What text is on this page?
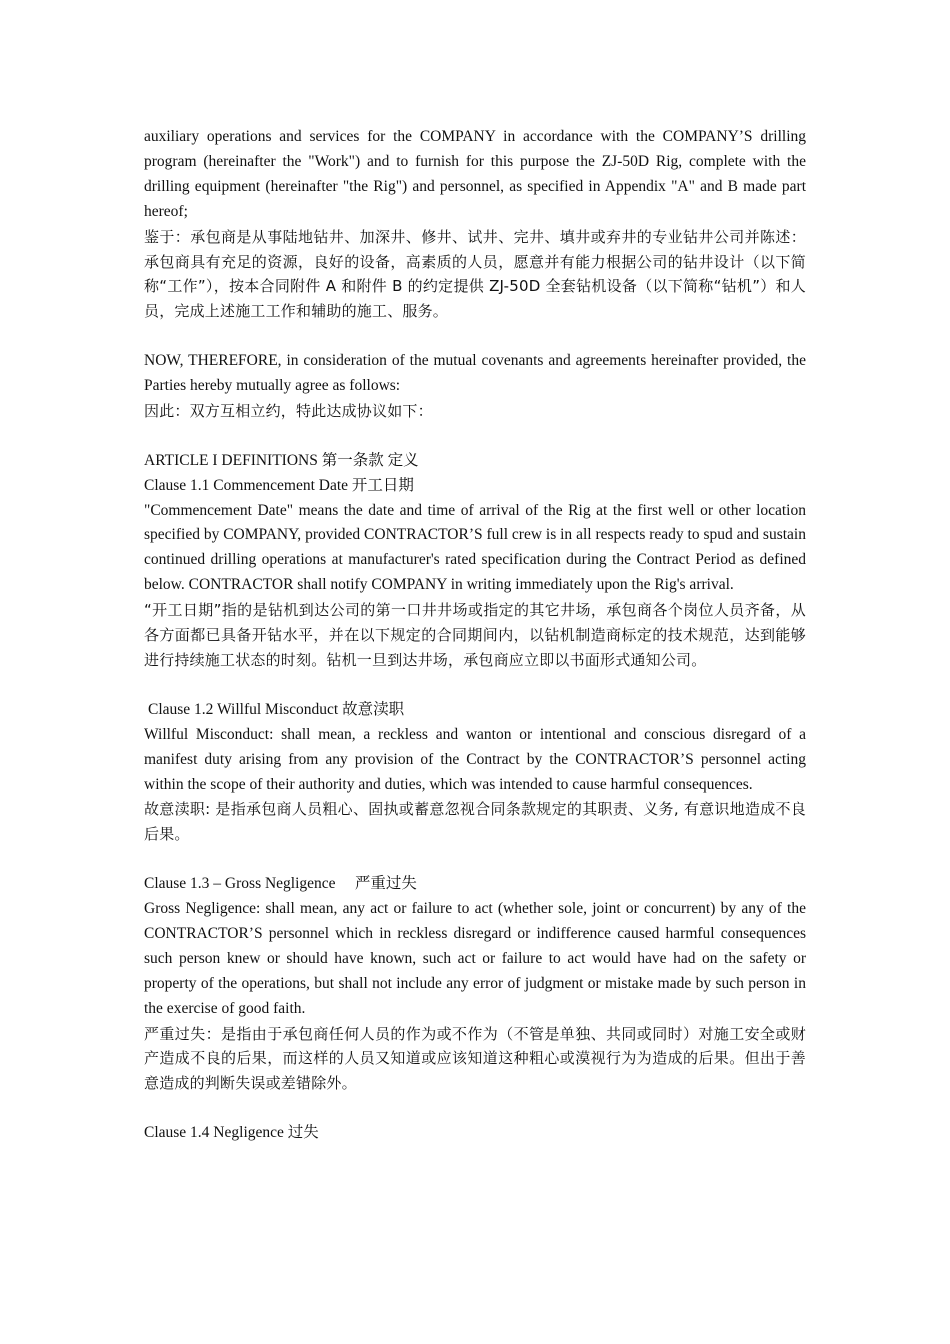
auxiliary operations and services for the COMPANY in accordance with the COMPANY’S drilling program (hereinafter the "Work") and to furnish for this purpose the ZJ-50D Rig, complete with the drilling equipment (hereinafter "the Rig") and personnel, as specified in Appendix "A" and B made part hereof;

鉴于：承包商是从事陆地钻井、加深井、修井、试井、完井、填井或弃井的专业钻井公司并陈述：承包商具有充足的资源，良好的设备，高素质的人员，愿意并有能力根据公司的钻井设计（以下简称“工作”），按本合同附件 A 和附件 B 的约定提供 ZJ-50D 全套钻机设备（以下简称“钻机”）和人员，完成上述施工工作和辅助的施工、服务。

NOW, THEREFORE, in consideration of the mutual covenants and agreements hereinafter provided, the Parties hereby mutually agree as follows:

因此：双方互相立约，特此达成协议如下：

ARTICLE I DEFINITIONS 第一条款 定义

Clause 1.1 Commencement Date 开工日期

"Commencement Date" means the date and time of arrival of the Rig at the first well or other location specified by COMPANY, provided CONTRACTOR’S full crew is in all respects ready to spud and sustain continued drilling operations at manufacturer's rated specification during the Contract Period as defined below. CONTRACTOR shall notify COMPANY in writing immediately upon the Rig's arrival.

“开工日期”指的是钻机到达公司的第一口井井场或指定的其它井场，承包商各个岗位人员齐备，从各方面都已具备开钻水平，并在以下规定的合同期间内，以钻机制造商标定的技术规范，达到能够进行持续施工状态的时刻。钻机一旦到达井场，承包商应立即以书面形式通知公司。

Clause 1.2 Willful Misconduct 故意渎职

Willful Misconduct: shall mean, a reckless and wanton or intentional and conscious disregard of a manifest duty arising from any provision of the Contract by the CONTRACTOR’S personnel acting within the scope of their authority and duties, which was intended to cause harmful consequences.

故意渎职: 是指承包商人员粗心、固执或蓄意忽视合同条款规定的其职责、义务, 有意识地造成不良后果。

Clause 1.3 – Gross Negligence     严重过失

Gross Negligence: shall mean, any act or failure to act (whether sole, joint or concurrent) by any of the CONTRACTOR’S personnel which in reckless disregard or indifference caused harmful consequences such person knew or should have known, such act or failure to act would have had on the safety or property of the operations, but shall not include any error of judgment or mistake made by such person in the exercise of good faith.

严重过失：是指由于承包商任何人员的作为或不作为（不管是单独、共同或同时）对施工安全或财产造成不良的后果，而这样的人员又知道或应该知道这种粗心或漠视行为为造成的后果。但出于善意造成的判断失误或差错除外。

Clause 1.4 Negligence 过失
